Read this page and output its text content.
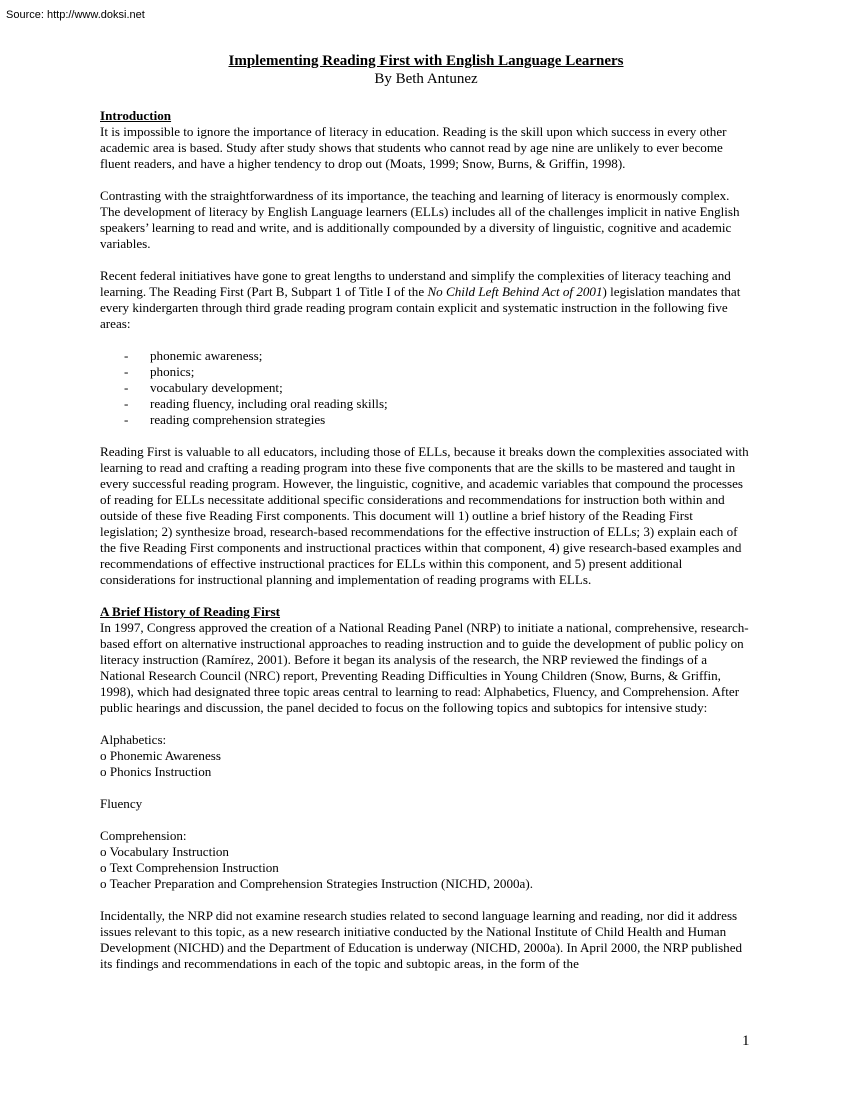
Source: http://www.doksi.net
Implementing Reading First with English Language Learners
By Beth Antunez
Introduction

It is impossible to ignore the importance of literacy in education. Reading is the skill upon which success in every other academic area is based. Study after study shows that students who cannot read by age nine are unlikely to ever become fluent readers, and have a higher tendency to drop out (Moats, 1999; Snow, Burns, & Griffin, 1998).

Contrasting with the straightforwardness of its importance, the teaching and learning of literacy is enormously complex. The development of literacy by English Language learners (ELLs) includes all of the challenges implicit in native English speakers’ learning to read and write, and is additionally compounded by a diversity of linguistic, cognitive and academic variables.

Recent federal initiatives have gone to great lengths to understand and simplify the complexities of literacy teaching and learning. The Reading First (Part B, Subpart 1 of Title I of the No Child Left Behind Act of 2001) legislation mandates that every kindergarten through third grade reading program contain explicit and systematic instruction in the following five areas:

- phonemic awareness;
- phonics;
- vocabulary development;
- reading fluency, including oral reading skills;
- reading comprehension strategies

Reading First is valuable to all educators, including those of ELLs, because it breaks down the complexities associated with learning to read and crafting a reading program into these five components that are the skills to be mastered and taught in every successful reading program. However, the linguistic, cognitive, and academic variables that compound the processes of reading for ELLs necessitate additional specific considerations and recommendations for instruction both within and outside of these five Reading First components. This document will 1) outline a brief history of the Reading First legislation; 2) synthesize broad, research-based recommendations for the effective instruction of ELLs; 3) explain each of the five Reading First components and instructional practices within that component, 4) give research-based examples and recommendations of effective instructional practices for ELLs within this component, and 5) present additional considerations for instructional planning and implementation of reading programs with ELLs.

A Brief History of Reading First

In 1997, Congress approved the creation of a National Reading Panel (NRP) to initiate a national, comprehensive, research-based effort on alternative instructional approaches to reading instruction and to guide the development of public policy on literacy instruction (Ramírez, 2001). Before it began its analysis of the research, the NRP reviewed the findings of a National Research Council (NRC) report, Preventing Reading Difficulties in Young Children (Snow, Burns, & Griffin, 1998), which had designated three topic areas central to learning to read: Alphabetics, Fluency, and Comprehension. After public hearings and discussion, the panel decided to focus on the following topics and subtopics for intensive study:

Alphabetics:
o Phonemic Awareness
o Phonics Instruction

Fluency

Comprehension:
o Vocabulary Instruction
o Text Comprehension Instruction
o Teacher Preparation and Comprehension Strategies Instruction (NICHD, 2000a).

Incidentally, the NRP did not examine research studies related to second language learning and reading, nor did it address issues relevant to this topic, as a new research initiative conducted by the National Institute of Child Health and Human Development (NICHD) and the Department of Education is underway (NICHD, 2000a). In April 2000, the NRP published its findings and recommendations in each of the topic and subtopic areas, in the form of the

1
